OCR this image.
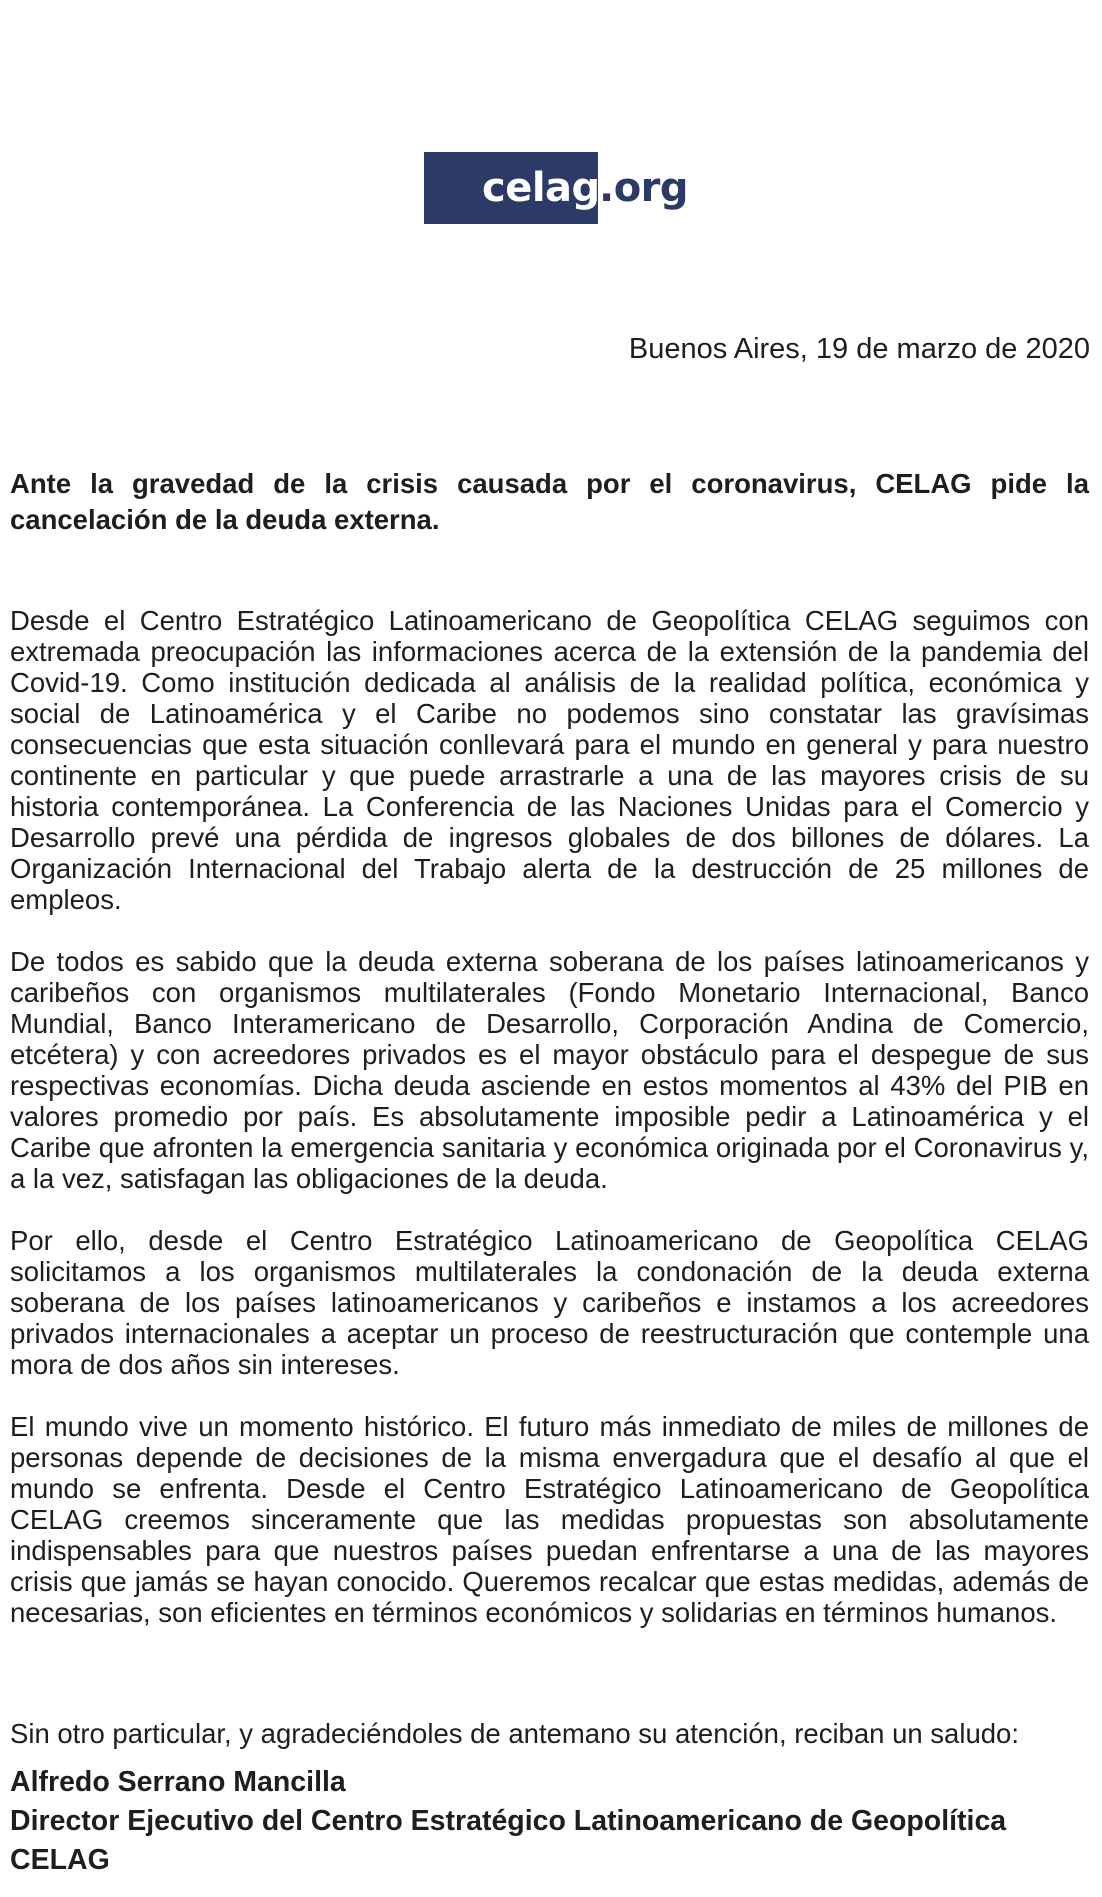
celag .org
Buenos Aires, 19 de marzo de 2020
Ante la gravedad de la crisis causada por el coronavirus, CELAG pide la cancelación de la deuda externa.

Desde el Centro Estratégico Latinoamericano de Geopolítica CELAG seguimos con extremada preocupación las informaciones acerca de la extensión de la pandemia del Covid-19. Como institución dedicada al análisis de la realidad política, económica y social de Latinoamérica y el Caribe no podemos sino constatar las gravísimas consecuencias que esta situación conllevará para el mundo en general y para nuestro continente en particular y que puede arrastrarle a una de las mayores crisis de su historia contemporánea. La Conferencia de las Naciones Unidas para el Comercio y Desarrollo prevé una pérdida de ingresos globales de dos billones de dólares. La Organización Internacional del Trabajo alerta de la destrucción de 25 millones de empleos.

De todos es sabido que la deuda externa soberana de los países latinoamericanos y caribeños con organismos multilaterales (Fondo Monetario Internacional, Banco Mundial, Banco Interamericano de Desarrollo, Corporación Andina de Comercio, etcétera) y con acreedores privados es el mayor obstáculo para el despegue de sus respectivas economías. Dicha deuda asciende en estos momentos al 43% del PIB en valores promedio por país. Es absolutamente imposible pedir a Latinoamérica y el Caribe que afronten la emergencia sanitaria y económica originada por el Coronavirus y, a la vez, satisfagan las obligaciones de la deuda.

Por ello, desde el Centro Estratégico Latinoamericano de Geopolítica CELAG solicitamos a los organismos multilaterales la condonación de la deuda externa soberana de los países latinoamericanos y caribeños e instamos a los acreedores privados internacionales a aceptar un proceso de reestructuración que contemple una mora de dos años sin intereses.

El mundo vive un momento histórico. El futuro más inmediato de miles de millones de personas depende de decisiones de la misma envergadura que el desafío al que el mundo se enfrenta. Desde el Centro Estratégico Latinoamericano de Geopolítica CELAG creemos sinceramente que las medidas propuestas son absolutamente indispensables para que nuestros países puedan enfrentarse a una de las mayores crisis que jamás se hayan conocido. Queremos recalcar que estas medidas, además de necesarias, son eficientes en términos económicos y solidarias en términos humanos.

Sin otro particular, y agradeciéndoles de antemano su atención, reciban un saludo:
Alfredo Serrano Mancilla
Director Ejecutivo del Centro Estratégico Latinoamericano de Geopolítica
CELAG
